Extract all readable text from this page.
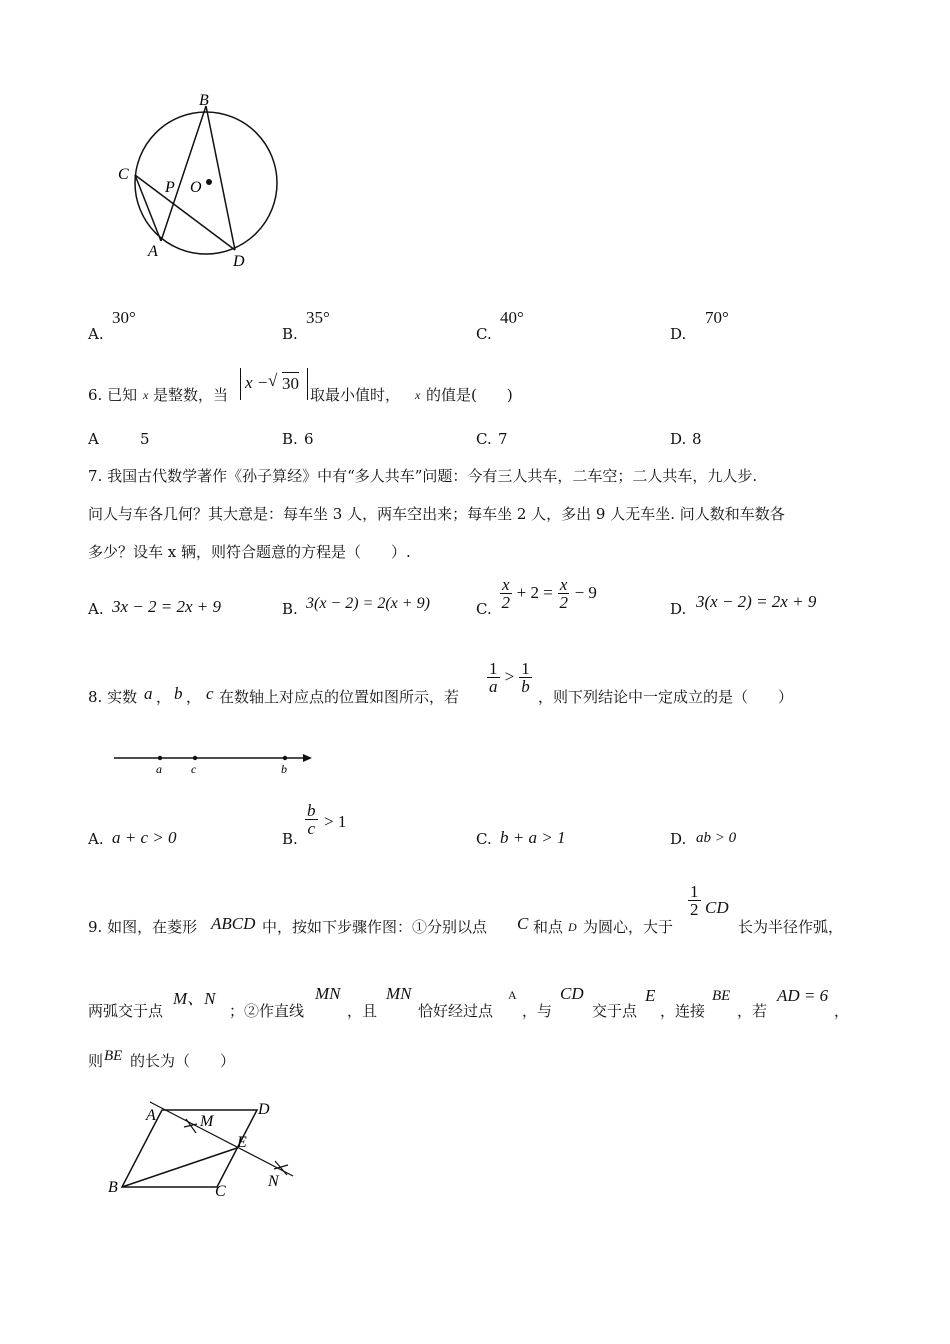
B
C
P O
A
D
A.
30°
B.
35°
C.
40°
D.
70°
6. 已知 x 是整数，当
x − √ 30
取最小值时， x 的值是(　　)
A	5	B. 6	C. 7	D. 8
7. 我国古代数学著作《孙子算经》中有“多人共车”问题：今有三人共车，二车空；二人共车，九人步.
问人与车各几何？其大意是：每车坐 3 人，两车空出来；每车坐 2 人，多出 9 人无车坐. 问人数和车数各
多少？设车 x 辆，则符合题意的方程是（　　）.
A. 3x − 2 = 2x + 9	B. 3(x − 2) = 2(x + 9)	C. $\frac{x}{2} + 2 = \frac{x}{2} - 9$
D. 3(x − 2) = 2x + 9
8. 实数 a ， b ， c 在数轴上对应点的位置如图所示，若
$\frac{1}{a} > \frac{1}{b}$
，则下列结论中一定成立的是（　　）
a c	b
A. a + c > 0	B.
$\frac{b}{c} > 1$
C. b + a > 1	D. ab > 0
9. 如图，在菱形 ABCD 中，按如下步骤作图：①分别以点 C 和点 D 为圆心，大于
$\frac{1}{2}$ CD
长为半径作弧，
两弧交于点
M、N
；②作直线
MN
，且
MN
恰好经过点
A
，与
CD
交于点
E
，连接
BE
，若
AD = 6
，
则 BE 的长为（　　）
A	D
M
E
B	C
N
